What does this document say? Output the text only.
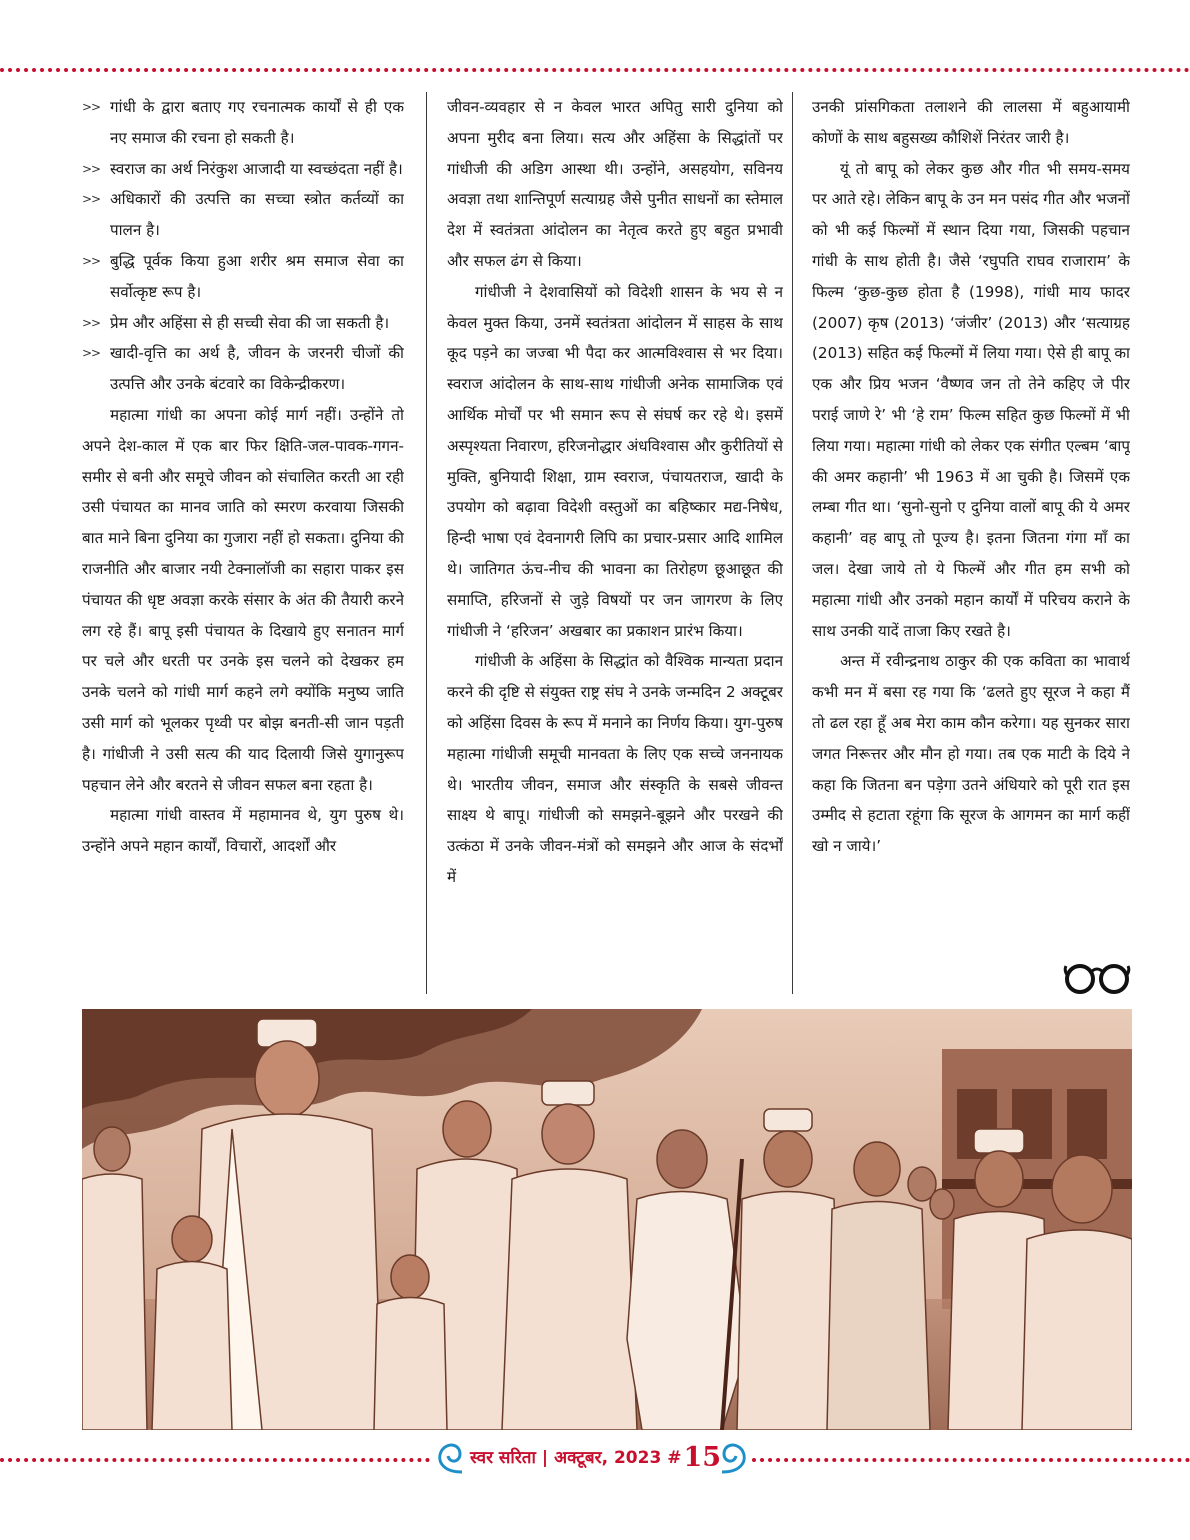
>> गांधी के द्वारा बताए गए रचनात्मक कार्यों से ही एक नए समाज की रचना हो सकती है।
>> स्वराज का अर्थ निरंकुश आजादी या स्वच्छंदता नहीं है।
>> अधिकारों की उत्पत्ति का सच्चा स्त्रोत कर्तव्यों का पालन है।
>> बुद्धि पूर्वक किया हुआ शरीर श्रम समाज सेवा का सर्वोत्कृष्ट रूप है।
>> प्रेम और अहिंसा से ही सच्ची सेवा की जा सकती है।
>> खादी-वृत्ति का अर्थ है, जीवन के जरनरी चीजों की उत्पत्ति और उनके बंटवारे का विकेन्द्रीकरण।

महात्मा गांधी का अपना कोई मार्ग नहीं। उन्होंने तो अपने देश-काल में एक बार फिर क्षिति-जल-पावक-गगन-समीर से बनी और समूचे जीवन को संचालित करती आ रही उसी पंचायत का मानव जाति को स्मरण करवाया जिसकी बात माने बिना दुनिया का गुजारा नहीं हो सकता। दुनिया की राजनीति और बाजार नयी टेक्नालॉजी का सहारा पाकर इस पंचायत की धृष्ट अवज्ञा करके संसार के अंत की तैयारी करने लग रहे हैं। बापू इसी पंचायत के दिखाये हुए सनातन मार्ग पर चले और धरती पर उनके इस चलने को देखकर हम उनके चलने को गांधी मार्ग कहने लगे क्योंकि मनुष्य जाति उसी मार्ग को भूलकर पृथ्वी पर बोझ बनती-सी जान पड़ती है। गांधीजी ने उसी सत्य की याद दिलायी जिसे युगानुरूप पहचान लेने और बरतने से जीवन सफल बना रहता है।

महात्मा गांधी वास्तव में महामानव थे, युग पुरुष थे। उन्होंने अपने महान कार्यों, विचारों, आदर्शों और

जीवन-व्यवहार से न केवल भारत अपितु सारी दुनिया को अपना मुरीद बना लिया। सत्य और अहिंसा के सिद्धांतों पर गांधीजी की अडिग आस्था थी। उन्होंने, असहयोग, सविनय अवज्ञा तथा शान्तिपूर्ण सत्याग्रह जैसे पुनीत साधनों का स्तेमाल देश में स्वतंत्रता आंदोलन का नेतृत्व करते हुए बहुत प्रभावी और सफल ढंग से किया।

गांधीजी ने देशवासियों को विदेशी शासन के भय से न केवल मुक्त किया, उनमें स्वतंत्रता आंदोलन में साहस के साथ कूद पड़ने का जज्बा भी पैदा कर आत्मविश्वास से भर दिया। स्वराज आंदोलन के साथ-साथ गांधीजी अनेक सामाजिक एवं आर्थिक मोर्चों पर भी समान रूप से संघर्ष कर रहे थे। इसमें अस्पृश्यता निवारण, हरिजनोद्धार अंधविश्वास और कुरीतियों से मुक्ति, बुनियादी शिक्षा, ग्राम स्वराज, पंचायतराज, खादी के उपयोग को बढ़ावा विदेशी वस्तुओं का बहिष्कार मद्य-निषेध, हिन्दी भाषा एवं देवनागरी लिपि का प्रचार-प्रसार आदि शामिल थे। जातिगत ऊंच-नीच की भावना का तिरोहण छूआछूत की समाप्ति, हरिजनों से जुड़े विषयों पर जन जागरण के लिए गांधीजी ने ‘हरिजन’ अखबार का प्रकाशन प्रारंभ किया।

गांधीजी के अहिंसा के सिद्धांत को वैश्विक मान्यता प्रदान करने की दृष्टि से संयुक्त राष्ट्र संघ ने उनके जन्मदिन 2 अक्टूबर को अहिंसा दिवस के रूप में मनाने का निर्णय किया। युग-पुरुष महात्मा गांधीजी समूची मानवता के लिए एक सच्चे जननायक थे। भारतीय जीवन, समाज और संस्कृति के सबसे जीवन्त साक्ष्य थे बापू। गांधीजी को समझने-बूझने और परखने की उत्कंठा में उनके जीवन-मंत्रों को समझने और आज के संदर्भों में

उनकी प्रांसगिकता तलाशने की लालसा में बहुआयामी कोणों के साथ बहुसख्य कौशिशें निरंतर जारी है।

यूं तो बापू को लेकर कुछ और गीत भी समय-समय पर आते रहे। लेकिन बापू के उन मन पसंद गीत और भजनों को भी कई फिल्मों में स्थान दिया गया, जिसकी पहचान गांधी के साथ होती है। जैसे ‘रघुपति राघव राजाराम’ के फिल्म ‘कुछ-कुछ होता है (1998), गांधी माय फादर (2007) कृष (2013) ‘जंजीर’ (2013) और ‘सत्याग्रह (2013) सहित कई फिल्मों में लिया गया। ऐसे ही बापू का एक और प्रिय भजन ‘वैष्णव जन तो तेने कहिए जे पीर पराई जाणे रे’ भी ‘हे राम’ फिल्म सहित कुछ फिल्मों में भी लिया गया। महात्मा गांधी को लेकर एक संगीत एल्बम ‘बापू की अमर कहानी’ भी 1963 में आ चुकी है। जिसमें एक लम्बा गीत था। ‘सुनो-सुनो ए दुनिया वालों बापू की ये अमर कहानी’ वह बापू तो पूज्य है। इतना जितना गंगा माँ का जल। देखा जाये तो ये फिल्में और गीत हम सभी को महात्मा गांधी और उनको महान कार्यों में परिचय कराने के साथ उनकी यादें ताजा किए रखते है।

अन्त में रवीन्द्रनाथ ठाकुर की एक कविता का भावार्थ कभी मन में बसा रह गया कि ‘ढलते हुए सूरज ने कहा मैं तो ढल रहा हूँ अब मेरा काम कौन करेगा। यह सुनकर सारा जगत निरूत्तर और मौन हो गया। तब एक माटी के दिये ने कहा कि जितना बन पड़ेगा उतने अंधियारे को पूरी रात इस उम्मीद से हटाता रहूंगा कि सूरज के आगमन का मार्ग कहीं खो न जाये।’

स्वर सरिता | अक्टूबर, 2023 #15
